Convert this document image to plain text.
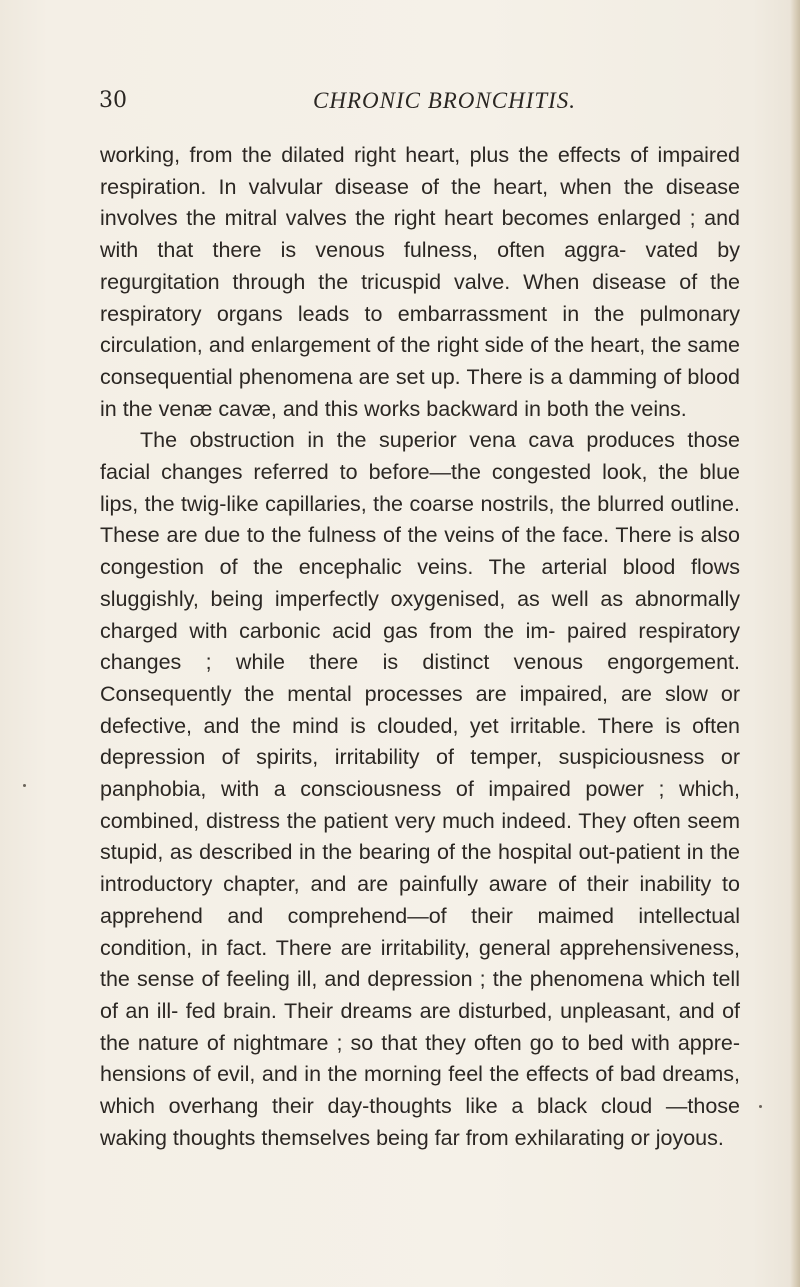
30	CHRONIC BRONCHITIS.

working, from the dilated right heart, plus the effects of impaired respiration. In valvular disease of the heart, when the disease involves the mitral valves the right heart becomes enlarged ; and with that there is venous fulness, often aggra- vated by regurgitation through the tricuspid valve. When disease of the respiratory organs leads to embarrassment in the pulmonary circulation, and enlargement of the right side of the heart, the same consequential phenomena are set up. There is a damming of blood in the venæ cavæ, and this works backward in both the veins.

The obstruction in the superior vena cava produces those facial changes referred to before—the congested look, the blue lips, the twig-like capillaries, the coarse nostrils, the blurred outline. These are due to the fulness of the veins of the face. There is also congestion of the encephalic veins. The arterial blood flows sluggishly, being imperfectly oxygenised, as well as abnormally charged with carbonic acid gas from the im- paired respiratory changes ; while there is distinct venous engorgement. Consequently the mental processes are impaired, are slow or defective, and the mind is clouded, yet irritable. There is often depression of spirits, irritability of temper, suspiciousness or panphobia, with a consciousness of impaired power ; which, combined, distress the patient very much indeed. They often seem stupid, as described in the bearing of the hospital out-patient in the introductory chapter, and are painfully aware of their inability to apprehend and comprehend—of their maimed intellectual condition, in fact. There are irritability, general apprehensiveness, the sense of feeling ill, and depression ; the phenomena which tell of an ill- fed brain. Their dreams are disturbed, unpleasant, and of the nature of nightmare ; so that they often go to bed with appre- hensions of evil, and in the morning feel the effects of bad dreams, which overhang their day-thoughts like a black cloud —those waking thoughts themselves being far from exhilarating or joyous.
